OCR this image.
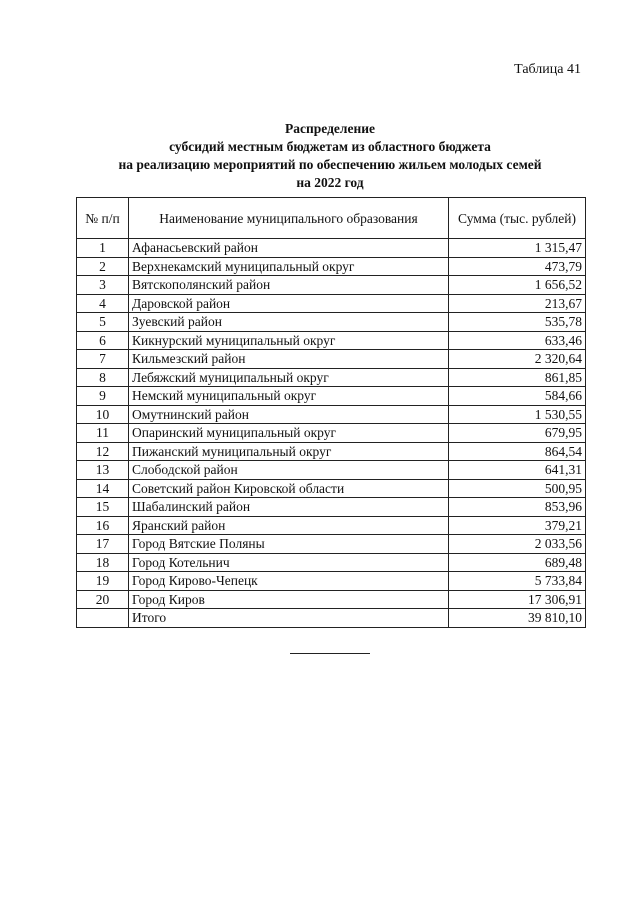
Таблица 41
Распределение
субсидий местным бюджетам из областного бюджета
на реализацию мероприятий по обеспечению жильем молодых семей
на 2022 год
№ п/п	Наименование муниципального образования	Сумма (тыс. рублей)
1	Афанасьевский район	1 315,47
2	Верхнекамский муниципальный округ	473,79
3	Вятскополянский район	1 656,52
4	Даровской район	213,67
5	Зуевский район	535,78
6	Кикнурский муниципальный округ	633,46
7	Кильмезский район	2 320,64
8	Лебяжский муниципальный округ	861,85
9	Немский муниципальный округ	584,66
10	Омутнинский район	1 530,55
11	Опаринский муниципальный округ	679,95
12	Пижанский муниципальный округ	864,54
13	Слободской район	641,31
14	Советский район Кировской области	500,95
15	Шабалинский район	853,96
16	Яранский район	379,21
17	Город Вятские Поляны	2 033,56
18	Город Котельнич	689,48
19	Город Кирово-Чепецк	5 733,84
20	Город Киров	17 306,91
	Итого	39 810,10
